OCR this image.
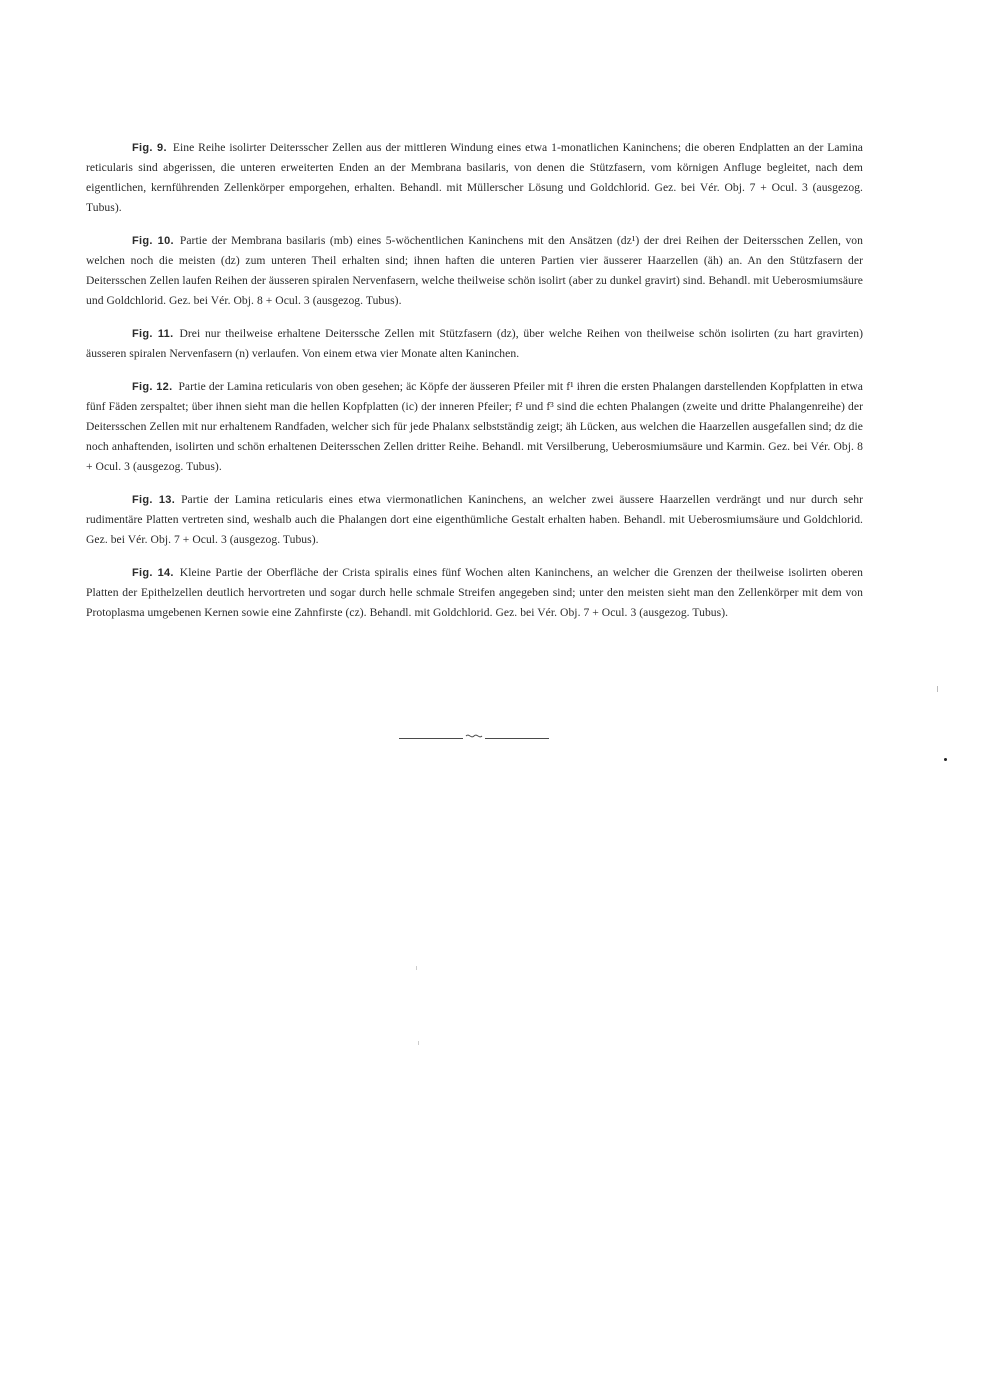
Fig. 9. Eine Reihe isolirter Deitersscher Zellen aus der mittleren Windung eines etwa 1-monatlichen Kaninchens; die oberen Endplatten an der Lamina reticularis sind abgerissen, die unteren erweiterten Enden an der Membrana basilaris, von denen die Stützfasern, vom körnigen Anfluge begleitet, nach dem eigentlichen, kernführenden Zellenkörper emporgehen, erhalten. Behandl. mit Müllerscher Lösung und Goldchlorid. Gez. bei Vér. Obj. 7 + Ocul. 3 (ausgezog. Tubus).

Fig. 10. Partie der Membrana basilaris (mb) eines 5-wöchentlichen Kaninchens mit den Ansätzen (dz¹) der drei Reihen der Deitersschen Zellen, von welchen noch die meisten (dz) zum unteren Theil erhalten sind; ihnen haften die unteren Partien vier äusserer Haarzellen (äh) an. An den Stützfasern der Deitersschen Zellen laufen Reihen der äusseren spiralen Nervenfasern, welche theilweise schön isolirt (aber zu dunkel gravirt) sind. Behandl. mit Ueberosmiumsäure und Goldchlorid. Gez. bei Vér. Obj. 8 + Ocul. 3 (ausgezog. Tubus).

Fig. 11. Drei nur theilweise erhaltene Deiterssche Zellen mit Stützfasern (dz), über welche Reihen von theilweise schön isolirten (zu hart gravirten) äusseren spiralen Nervenfasern (n) verlaufen. Von einem etwa vier Monate alten Kaninchen.

Fig. 12. Partie der Lamina reticularis von oben gesehen; äc Köpfe der äusseren Pfeiler mit f¹ ihren die ersten Phalangen darstellenden Kopfplatten in etwa fünf Fäden zerspaltet; über ihnen sieht man die hellen Kopfplatten (ic) der inneren Pfeiler; f² und f³ sind die echten Phalangen (zweite und dritte Phalangenreihe) der Deitersschen Zellen mit nur erhaltenem Randfaden, welcher sich für jede Phalanx selbstständig zeigt; äh Lücken, aus welchen die Haarzellen ausgefallen sind; dz die noch anhaftenden, isolirten und schön erhaltenen Deitersschen Zellen dritter Reihe. Behandl. mit Versilberung, Ueberosmiumsäure und Karmin. Gez. bei Vér. Obj. 8 + Ocul. 3 (ausgezog. Tubus).

Fig. 13. Partie der Lamina reticularis eines etwa viermonatlichen Kaninchens, an welcher zwei äussere Haarzellen verdrängt und nur durch sehr rudimentäre Platten vertreten sind, weshalb auch die Phalangen dort eine eigenthümliche Gestalt erhalten haben. Behandl. mit Ueberosmiumsäure und Goldchlorid. Gez. bei Vér. Obj. 7 + Ocul. 3 (ausgezog. Tubus).

Fig. 14. Kleine Partie der Oberfläche der Crista spiralis eines fünf Wochen alten Kaninchens, an welcher die Grenzen der theilweise isolirten oberen Platten der Epithelzellen deutlich hervortreten und sogar durch helle schmale Streifen angegeben sind; unter den meisten sieht man den Zellenkörper mit dem von Protoplasma umgebenen Kernen sowie eine Zahnfirste (cz). Behandl. mit Goldchlorid. Gez. bei Vér. Obj. 7 + Ocul. 3 (ausgezog. Tubus).
